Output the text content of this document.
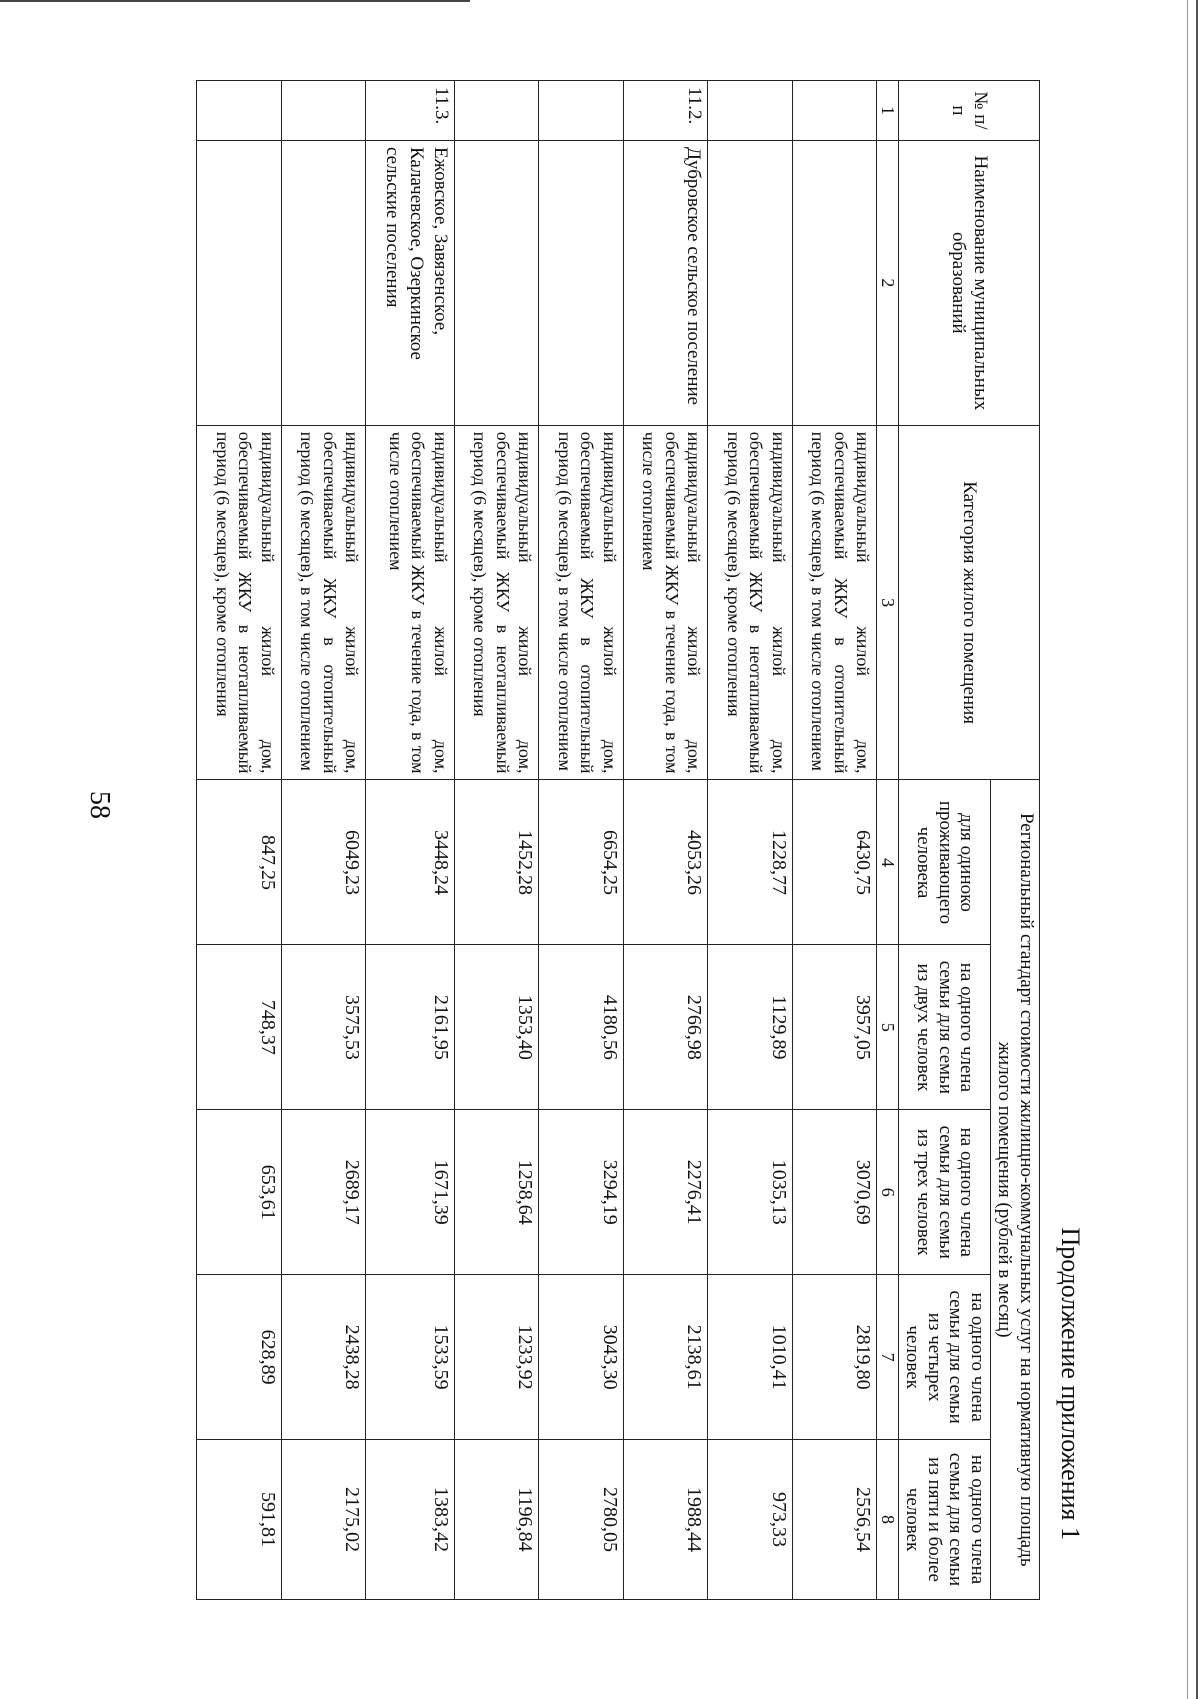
58
Продолжение приложения 1
№ п/п	Наименование муниципальных образований	Категория жилого помещения	Региональный стандарт стоимости жилищно-коммунальных услуг на нормативную площадь жилого помещения (рублей в месяц)				
			для одиноко проживающего человека	на одного члена семьи для семьи из двух человек	на одного члена семьи для семьи из трех человек	на одного члена семьи для семьи из четырех человек	на одного члена семьи для семьи из пяти и более человек
1	2	3	4	5	6	7	8
		индивидуальный жилой дом, обеспечиваемый ЖКУ в отопительный период (6 месяцев), в том числе отоплением	6430,75	3957,05	3070,69	2819,80	2556,54
		индивидуальный жилой дом, обеспечиваемый ЖКУ в неотапливаемый период (6 месяцев), кроме отопления	1228,77	1129,89	1035,13	1010,41	973,33
11.2.	Дубровское сельское поселение	индивидуальный жилой дом, обеспечиваемый ЖКУ в течение года, в том числе отоплением	4053,26	2766,98	2276,41	2138,61	1988,44
		индивидуальный жилой дом, обеспечиваемый ЖКУ в отопительный период (6 месяцев), в том числе отоплением	6654,25	4180,56	3294,19	3043,30	2780,05
		индивидуальный жилой дом, обеспечиваемый ЖКУ в неотапливаемый период (6 месяцев), кроме отопления	1452,28	1353,40	1258,64	1233,92	1196,84
11.3.	Ежовское, Завязенское, Калачевское, Озеркинское сельские поселения	индивидуальный жилой дом, обеспечиваемый ЖКУ в течение года, в том числе отоплением	3448,24	2161,95	1671,39	1533,59	1383,42
		индивидуальный жилой дом, обеспечиваемый ЖКУ в отопительный период (6 месяцев), в том числе отоплением	6049,23	3575,53	2689,17	2438,28	2175,02
		индивидуальный жилой дом, обеспечиваемый ЖКУ в неотапливаемый период (6 месяцев), кроме отопления	847,25	748,37	653,61	628,89	591,81
